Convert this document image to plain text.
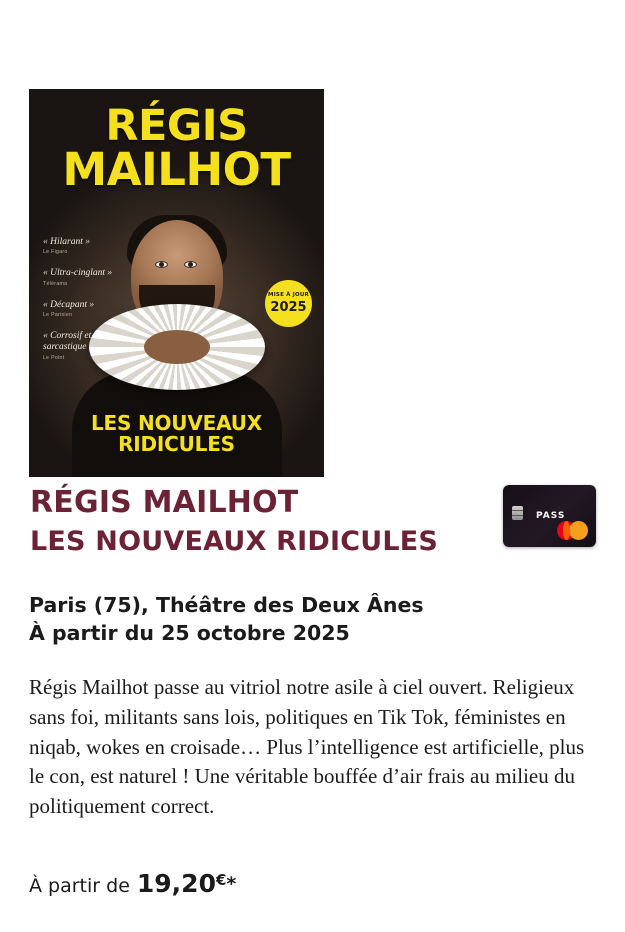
RÉGIS
MAILHOT
« Hilarant »
Le Figaro
« Ultra-cinglant »
Télérama
« Décapant »
Le Parisien
« Corrosif et sarcastique »
Le Point
MISE À JOUR
2025
LES NOUVEAUX
RIDICULES
RÉGIS MAILHOT
LES NOUVEAUX RIDICULES
Paris (75), Théâtre des Deux Ânes
À partir du 25 octobre 2025
Régis Mailhot passe au vitriol notre asile à ciel ouvert. Religieux sans foi, militants sans lois, politiques en Tik Tok, féministes en niqab, wokes en croisade… Plus l’intelligence est artificielle, plus le con, est naturel ! Une véritable bouffée d’air frais au milieu du politiquement correct.
À partir de 19,20 € *
PASS
